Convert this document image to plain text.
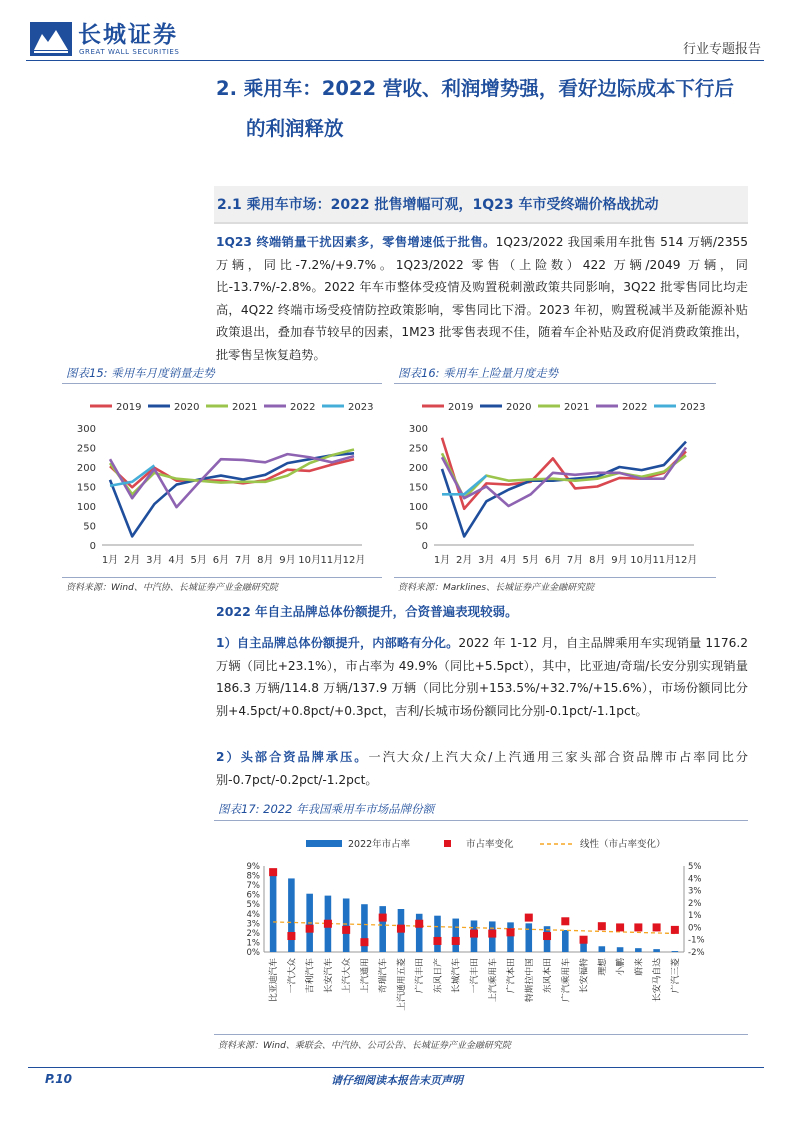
长城证券
GREAT WALL SECURITIES	行业专题报告
2. 乘用车：2022 营收、利润增势强，看好边际成本下行后
的利润释放
2.1 乘用车市场：2022 批售增幅可观，1Q23 车市受终端价格战扰动
1Q23 终端销量干扰因素多，零售增速低于批售。1Q23/2022 我国乘用车批售 514 万辆/2355 万辆，同比-7.2%/+9.7%。1Q23/2022 零售（上险数）422 万辆/2049 万辆，同比-13.7%/-2.8%。2022 年车市整体受疫情及购置税刺激政策共同影响，3Q22 批零售同比均走高，4Q22 终端市场受疫情防控政策影响，零售同比下滑。2023 年初，购置税减半及新能源补贴政策退出，叠加春节较早的因素，1M23 批零售表现不佳，随着车企补贴及政府促消费政策推出，批零售呈恢复趋势。
图表15: 乘用车月度销量走势
2019	2020	2021	2022	2023
0
50
100
150
200
250
300
1月 2月 3月 4月 5月 6月 7月 8月 9月 10月 11月 12月
资料来源：Wind、中汽协、长城证券产业金融研究院
图表16: 乘用车上险量月度走势
2019	2020	2021	2022	2023
0
50
100
150
200
250
300
1月 2月 3月 4月 5月 6月 7月 8月 9月 10月 11月 12月
资料来源：Marklines、长城证券产业金融研究院
2022 年自主品牌总体份额提升，合资普遍表现较弱。
1）自主品牌总体份额提升，内部略有分化。2022 年 1-12 月，自主品牌乘用车实现销量 1176.2 万辆（同比+23.1%），市占率为 49.9%（同比+5.5pct），其中，比亚迪/奇瑞/长安分别实现销量 186.3 万辆/114.8 万辆/137.9 万辆（同比分别+153.5%/+32.7%/+15.6%），市场份额同比分别+4.5pct/+0.8pct/+0.3pct，吉利/长城市场份额同比分别-0.1pct/-1.1pct。
2）头部合资品牌承压。一汽大众/上汽大众/上汽通用三家头部合资品牌市占率同比分别-0.7pct/-0.2pct/-1.2pct。
图表17: 2022 年我国乘用车市场品牌份额
2022年市占率	市占率变化	线性（市占率变化）
0%
1%
2%
3%
4%
5%
6%
7%
8%
9%
-2%
-1%
0%
1%
2%
3%
4%
5%
比亚迪汽车 一汽大众 吉利汽车 长安汽车 上汽大众 上汽通用 奇瑞汽车 上汽通用五菱 广汽丰田 东风日产 长城汽车 一汽丰田 上汽乘用车 广汽本田 特斯拉中国 东风本田 广汽乘用车 长安福特 理想 小鹏 蔚来 长安马自达 广汽三菱
资料来源：Wind、乘联会、中汽协、公司公告、长城证券产业金融研究院
P.10	请仔细阅读本报告末页声明
